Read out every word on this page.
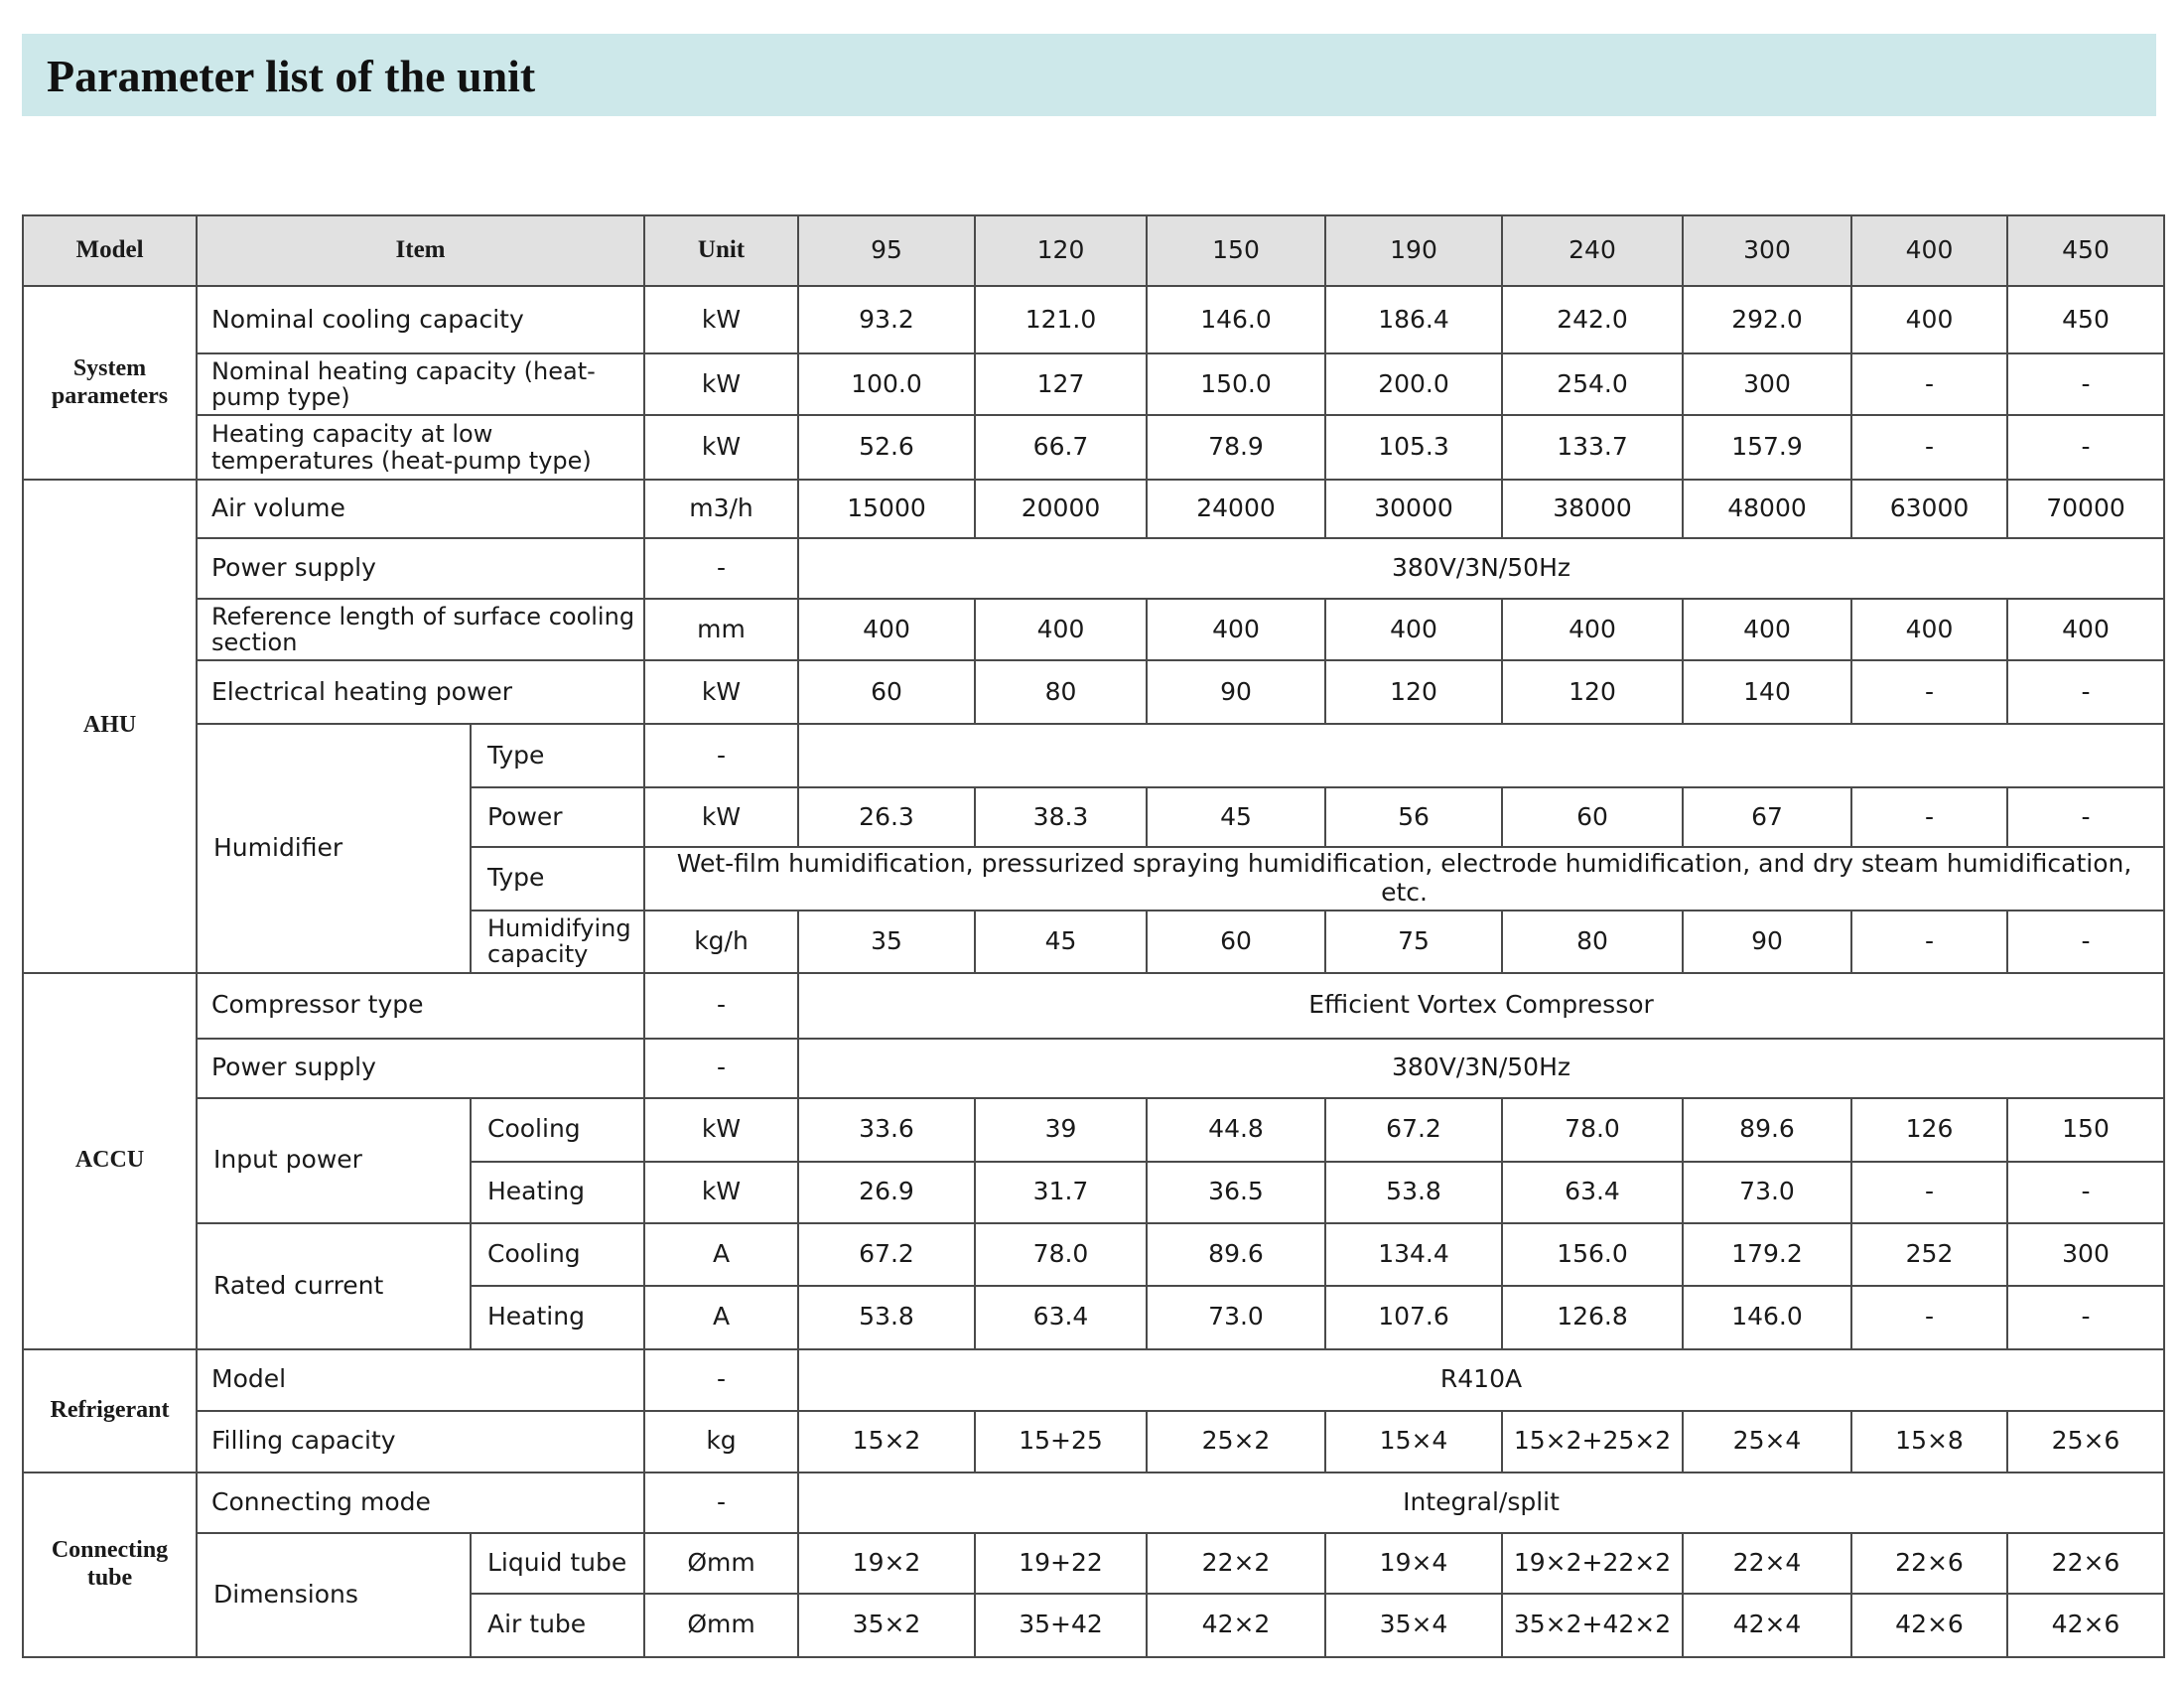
Parameter list of the unit
Model	Item		Unit	95	120	150	190	240	300	400	450
System parameters	Nominal cooling capacity		kW	93.2	121.0	146.0	186.4	242.0	292.0	400	450
	Nominal heating capacity (heat-pump type)		kW	100.0	127	150.0	200.0	254.0	300	-	-
	Heating capacity at low temperatures (heat-pump type)		kW	52.6	66.7	78.9	105.3	133.7	157.9	-	-
AHU	Air volume		m3/h	15000	20000	24000	30000	38000	48000	63000	70000
	Power supply		-	380V/3N/50Hz							
	Reference length of surface cooling section		mm	400	400	400	400	400	400	400	400
	Electrical heating power		kW	60	80	90	120	120	140	-	-
	Humidifier	Type	-								
		Power	kW	26.3	38.3	45	56	60	67	-	-
		Type	Wet-film humidification, pressurized spraying humidification, electrode humidification, and dry steam humidification, etc.								
		Humidifying capacity	kg/h	35	45	60	75	80	90	-	-
ACCU	Compressor type		-	Efficient Vortex Compressor							
	Power supply		-	380V/3N/50Hz							
	Input power	Cooling	kW	33.6	39	44.8	67.2	78.0	89.6	126	150
		Heating	kW	26.9	31.7	36.5	53.8	63.4	73.0	-	-
	Rated current	Cooling	A	67.2	78.0	89.6	134.4	156.0	179.2	252	300
		Heating	A	53.8	63.4	73.0	107.6	126.8	146.0	-	-
Refrigerant	Model		-	R410A							
	Filling capacity		kg	15×2	15+25	25×2	15×4	15×2+25×2	25×4	15×8	25×6
Connecting tube	Connecting mode		-	Integral/split							
	Dimensions	Liquid tube	Ømm	19×2	19+22	22×2	19×4	19×2+22×2	22×4	22×6	22×6
		Air tube	Ømm	35×2	35+42	42×2	35×4	35×2+42×2	42×4	42×6	42×6
